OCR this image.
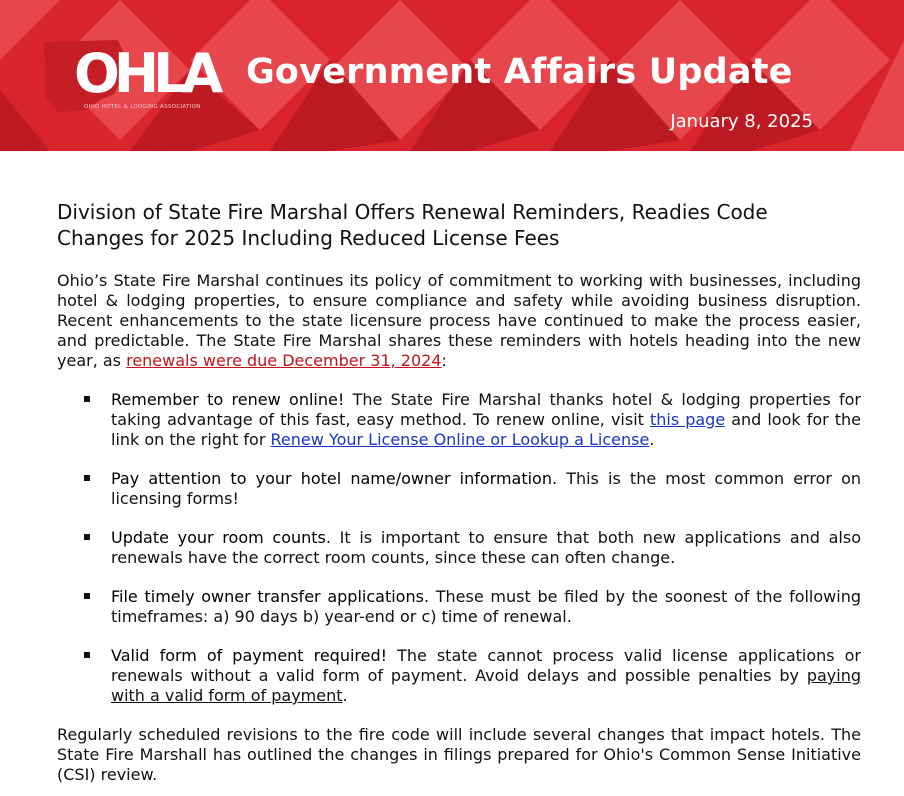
OHLA
OHIO HOTEL & LODGING ASSOCIATION
Government Affairs Update
January 8, 2025
Division of State Fire Marshal Offers Renewal Reminders, Readies Code Changes for 2025 Including Reduced License Fees

Ohio’s State Fire Marshal continues its policy of commitment to working with businesses, including hotel & lodging properties, to ensure compliance and safety while avoiding business disruption. Recent enhancements to the state licensure process have continued to make the process easier, and predictable. The State Fire Marshal shares these reminders with hotels heading into the new year, as renewals were due December 31, 2024:

Remember to renew online! The State Fire Marshal thanks hotel & lodging properties for taking advantage of this fast, easy method. To renew online, visit this page and look for the link on the right for Renew Your License Online or Lookup a License.
Pay attention to your hotel name/owner information. This is the most common error on licensing forms!
Update your room counts. It is important to ensure that both new applications and also renewals have the correct room counts, since these can often change.
File timely owner transfer applications. These must be filed by the soonest of the following timeframes: a) 90 days b) year-end or c) time of renewal.
Valid form of payment required! The state cannot process valid license applications or renewals without a valid form of payment. Avoid delays and possible penalties by paying with a valid form of payment.

Regularly scheduled revisions to the fire code will include several changes that impact hotels. The State Fire Marshall has outlined the changes in filings prepared for Ohio's Common Sense Initiative (CSI) review.
